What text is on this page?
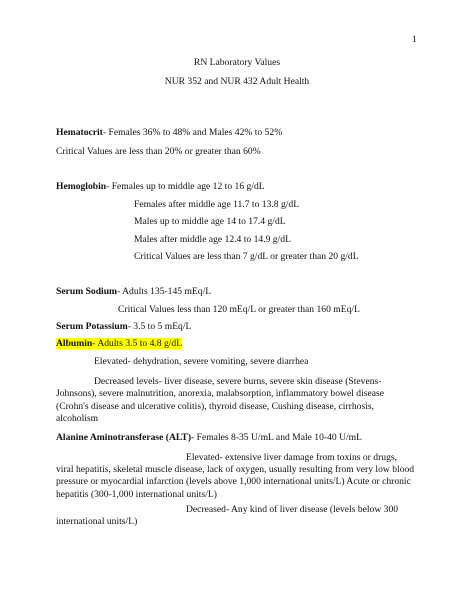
1
RN Laboratory Values
NUR 352 and NUR 432 Adult Health
Hematocrit- Females 36% to 48% and Males 42% to 52%
Critical Values are less than 20% or greater than 60%
Hemoglobin- Females up to middle age 12 to 16 g/dL
Females after middle age 11.7 to 13.8 g/dL
Males up to middle age 14 to 17.4 g/dL
Males after middle age 12.4 to 14.9 g/dL
Critical Values are less than 7 g/dL or greater than 20 g/dL
Serum Sodium- Adults 135-145 mEq/L
Critical Values less than 120 mEq/L or greater than 160 mEq/L
Serum Potassium- 3.5 to 5 mEq/L
Albumin- Adults 3.5 to 4.8 g/dL
Elevated- dehydration, severe vomiting, severe diarrhea
Decreased levels- liver disease, severe burns, severe skin disease (Stevens-Johnsons), severe malnutrition, anorexia, malabsorption, inflammatory bowel disease (Crohn's disease and ulcerative colitis), thyroid disease, Cushing disease, cirrhosis, alcoholism
Alanine Aminotransferase (ALT)- Females 8-35 U/mL and Male 10-40 U/mL
Elevated- extensive liver damage from toxins or drugs, viral hepatitis, skeletal muscle disease, lack of oxygen, usually resulting from very low blood pressure or myocardial infarction (levels above 1,000 international units/L) Acute or chronic hepatitis (300-1,000 international units/L)
Decreased- Any kind of liver disease (levels below 300 international units/L)
